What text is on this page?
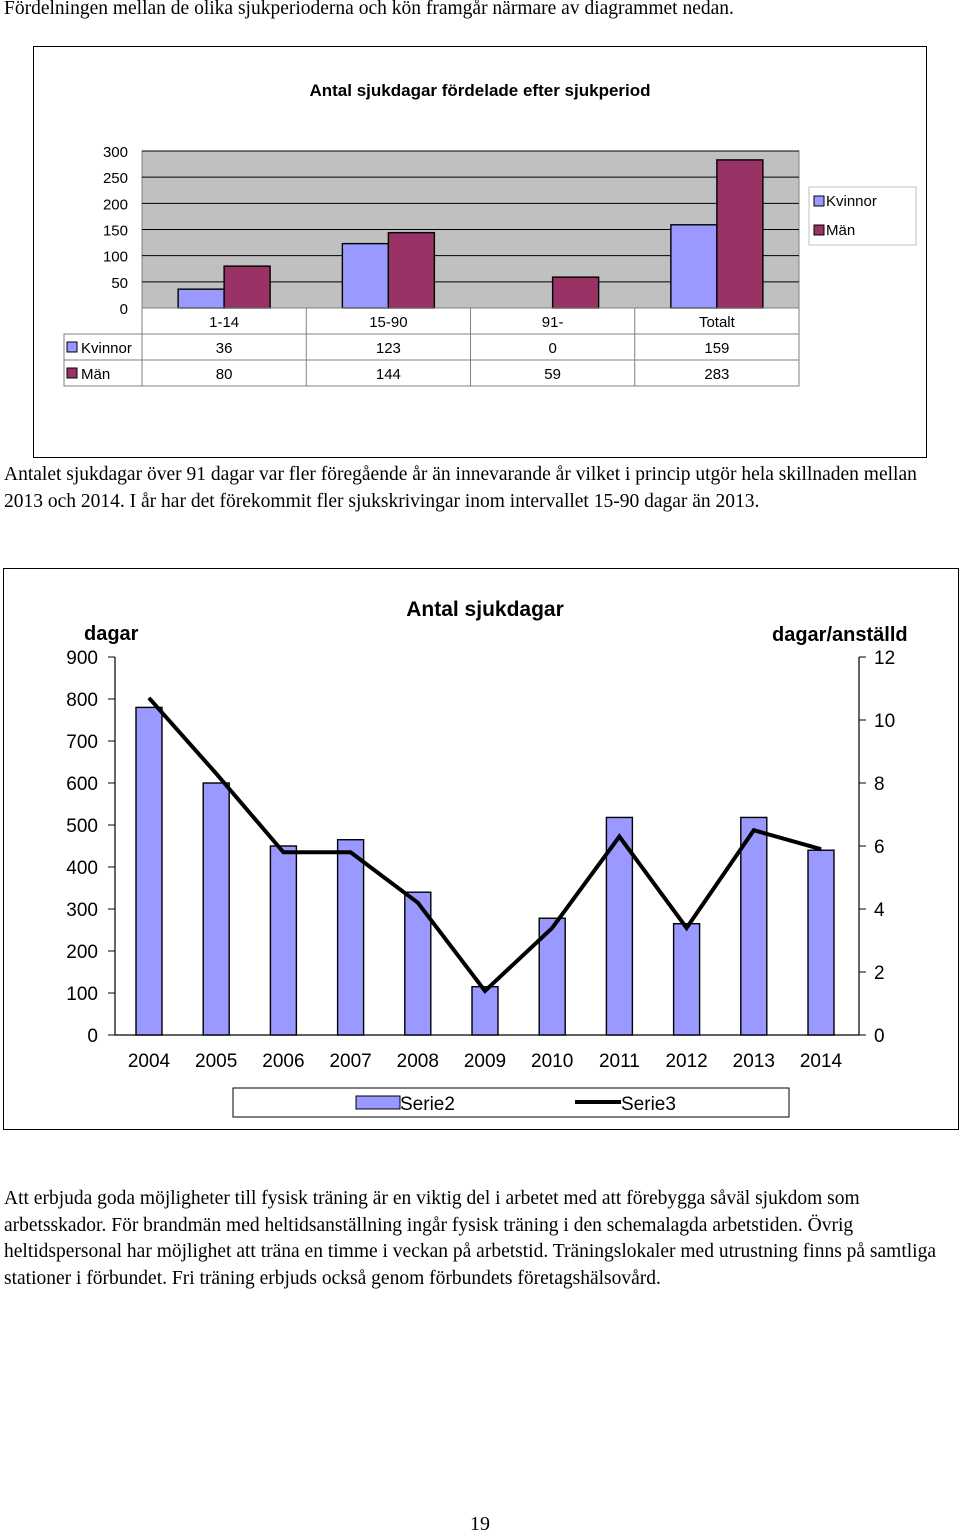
Fördelningen mellan de olika sjukperioderna och kön framgår närmare av diagrammet nedan.

Antal sjukdagar fördelade efter sjukperiod
300
250
200
150
100
50
0
1-14
36
80
15-90
123
144
91-
0
59
Totalt
159
283
Kvinnor
Män
Kvinnor
Män

Antalet sjukdagar över 91 dagar var fler föregående år än innevarande år vilket i princip utgör hela skillnaden mellan 2013 och 2014. I år har det förekommit fler sjukskrivingar inom intervallet 15-90 dagar än 2013.

Antal sjukdagar
dagar	dagar/anställd
900
800
700
600
500
400
300
200
100
0
12
10
8
6
4
2
0
2004 2005 2006 2007 2008 2009 2010 2011 2012 2013 2014
Serie2	Serie3

Att erbjuda goda möjligheter till fysisk träning är en viktig del i arbetet med att förebygga såväl sjukdom som arbetsskador. För brandmän med heltidsanställning ingår fysisk träning i den schemalagda arbetstiden. Övrig heltidspersonal har möjlighet att träna en timme i veckan på arbetstid. Träningslokaler med utrustning finns på samtliga stationer i förbundet. Fri träning erbjuds också genom förbundets företagshälsovård.

19
